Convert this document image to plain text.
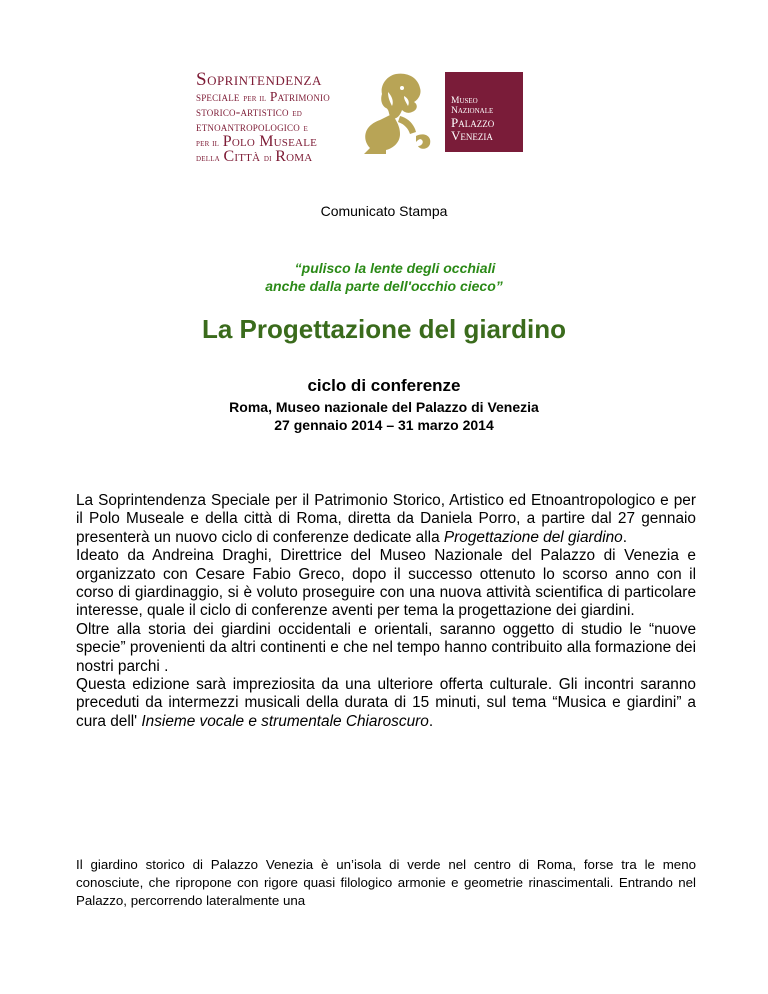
Soprintendenza
speciale per il Patrimonio
storico-artistico ed
etnoantropologico e
per il Polo Museale
della Città di Roma
Museo
Nazionale
Palazzo
Venezia
Comunicato Stampa
“pulisco la lente degli occhiali
anche dalla parte dell'occhio cieco”
La Progettazione del giardino
ciclo di conferenze
Roma, Museo nazionale del Palazzo di Venezia
27 gennaio 2014 – 31 marzo 2014

La Soprintendenza Speciale per il Patrimonio Storico, Artistico ed Etnoantropologico e per il Polo Museale e della città di Roma, diretta da Daniela Porro, a partire dal 27 gennaio presenterà un nuovo ciclo di conferenze dedicate alla Progettazione del giardino.

Ideato da Andreina Draghi, Direttrice del Museo Nazionale del Palazzo di Venezia e organizzato con Cesare Fabio Greco, dopo il successo ottenuto lo scorso anno con il corso di giardinaggio, si è voluto proseguire con una nuova attività scientifica di particolare interesse, quale il ciclo di conferenze aventi per tema la progettazione dei giardini.

Oltre alla storia dei giardini occidentali e orientali, saranno oggetto di studio le “nuove specie” provenienti da altri continenti e che nel tempo hanno contribuito alla formazione dei nostri parchi .

Questa edizione sarà impreziosita da una ulteriore offerta culturale. Gli incontri saranno preceduti da intermezzi musicali della durata di 15 minuti, sul tema “Musica e giardini” a cura dell' Insieme vocale e strumentale Chiaroscuro.

Il giardino storico di Palazzo Venezia è un’isola di verde nel centro di Roma, forse tra le meno conosciute, che ripropone con rigore quasi filologico armonie e geometrie rinascimentali. Entrando nel Palazzo, percorrendo lateralmente una
